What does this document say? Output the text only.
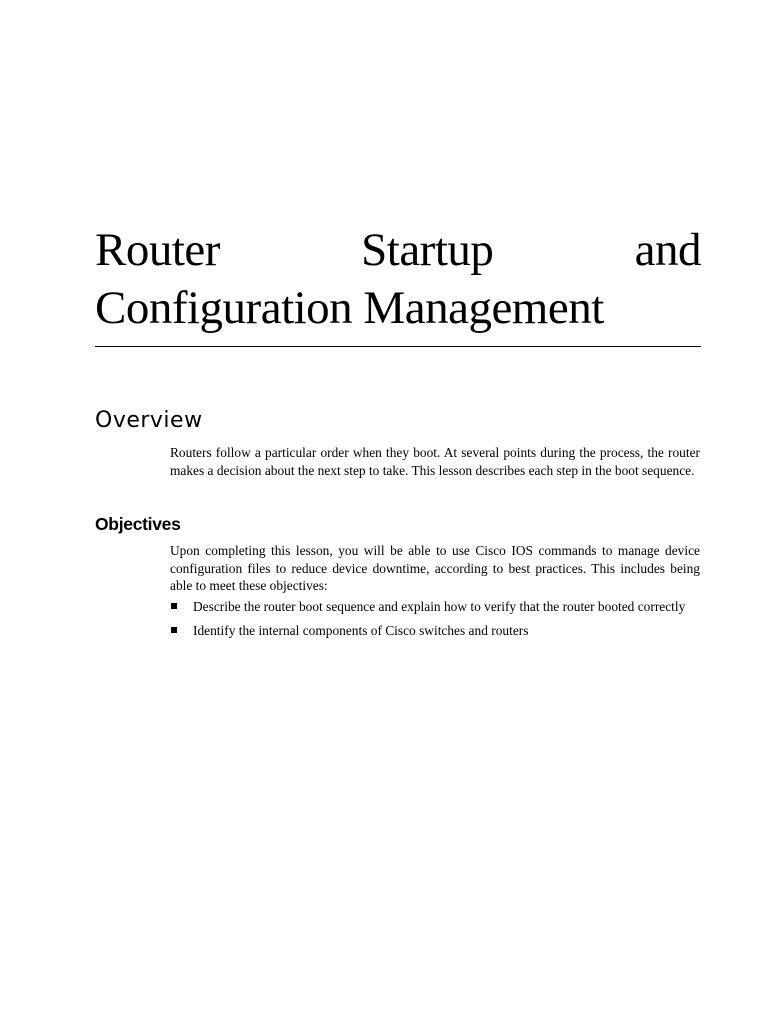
Router	Startup	and
Configuration Management
Overview

Routers follow a particular order when they boot. At several points during the process, the router makes a decision about the next step to take. This lesson describes each step in the boot sequence.

Objectives

Upon completing this lesson, you will be able to use Cisco IOS commands to manage device configuration files to reduce device downtime, according to best practices. This includes being able to meet these objectives:

Describe the router boot sequence and explain how to verify that the router booted correctly
Identify the internal components of Cisco switches and routers
